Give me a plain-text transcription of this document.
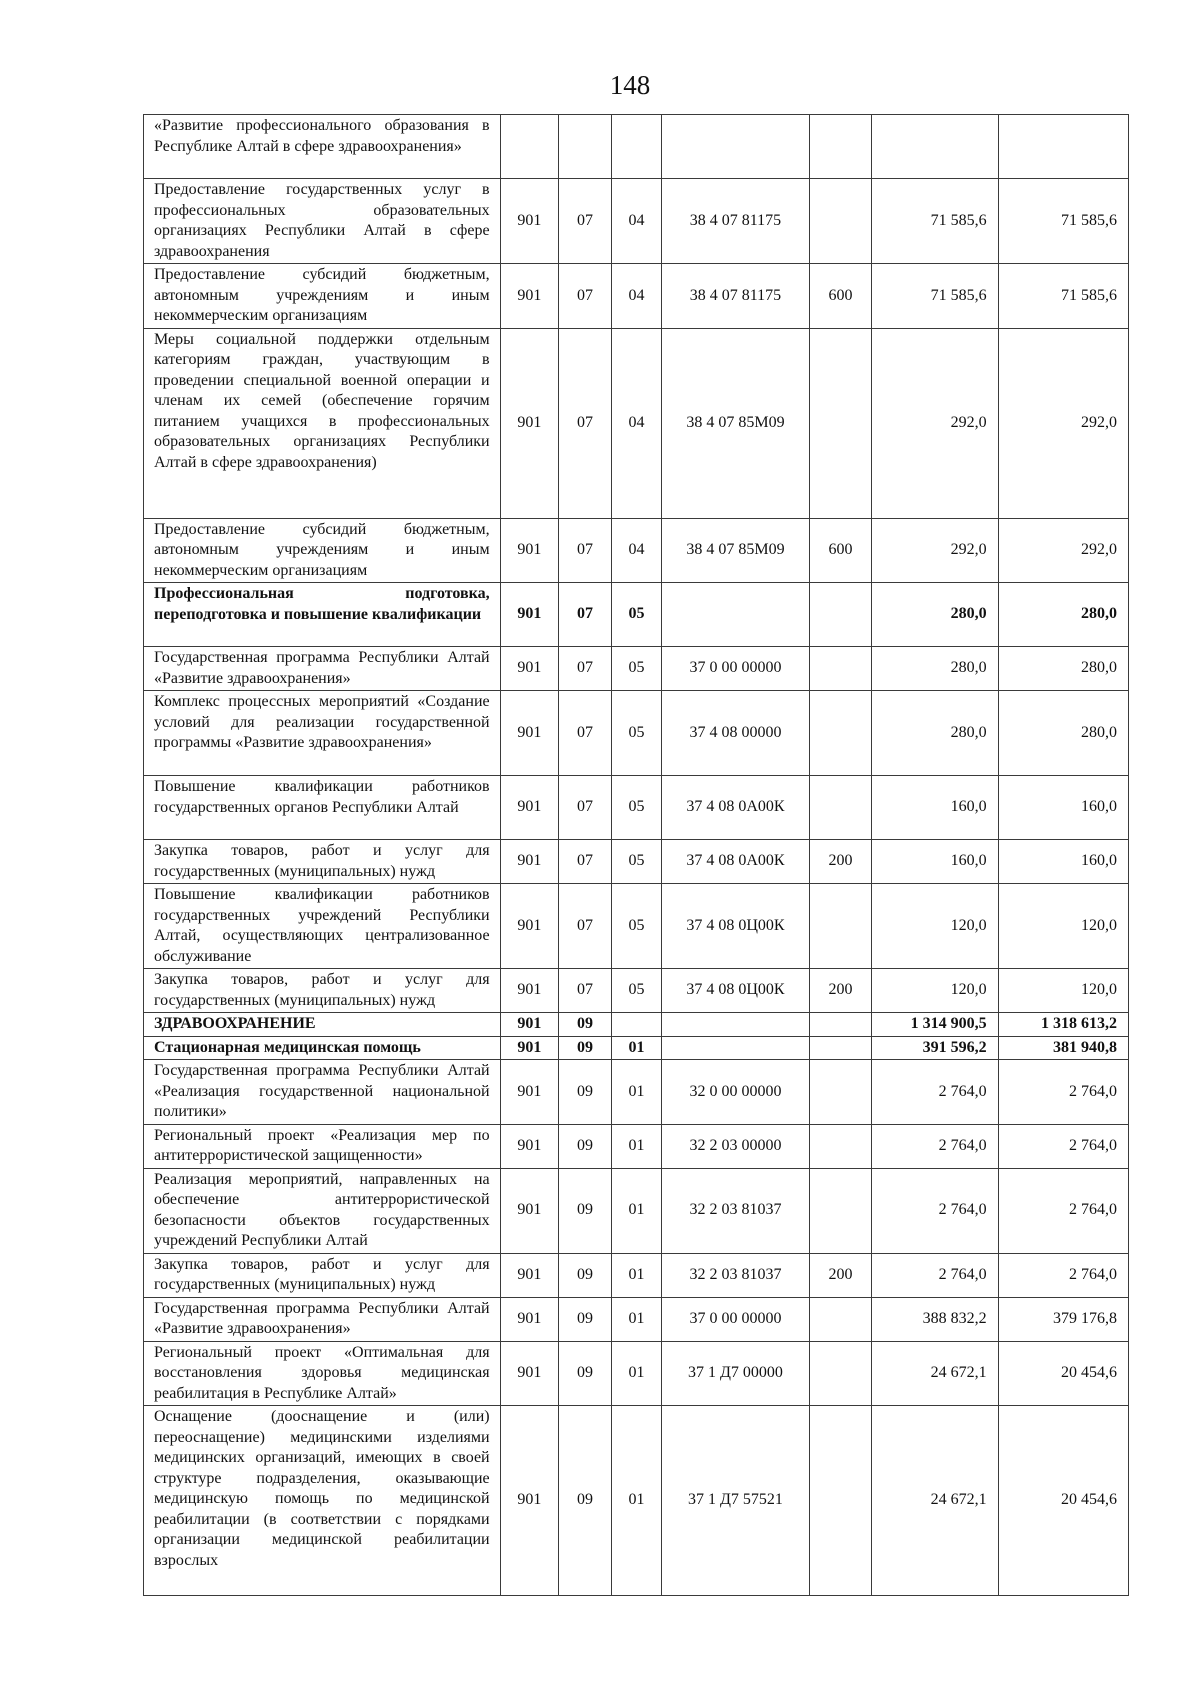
148
«Развитие профессионального образования в Республике Алтай в сфере здравоохранения»							
Предоставление государственных услуг в профессиональных образовательных организациях Республики Алтай в сфере здравоохранения	901	07	04	38 4 07 81175		71 585,6	71 585,6
Предоставление субсидий бюджетным, автономным учреждениям и иным некоммерческим организациям	901	07	04	38 4 07 81175	600	71 585,6	71 585,6
Меры социальной поддержки отдельным категориям граждан, участвующим в проведении специальной военной операции и членам их семей (обеспечение горячим питанием учащихся в профессиональных образовательных организациях Республики Алтай в сфере здравоохранения)	901	07	04	38 4 07 85М09		292,0	292,0
Предоставление субсидий бюджетным, автономным учреждениям и иным некоммерческим организациям	901	07	04	38 4 07 85М09	600	292,0	292,0
Профессиональная подготовка, переподготовка и повышение квалификации	901	07	05			280,0	280,0
Государственная программа Республики Алтай «Развитие здравоохранения»	901	07	05	37 0 00 00000		280,0	280,0
Комплекс процессных мероприятий «Создание условий для реализации государственной программы «Развитие здравоохранения»	901	07	05	37 4 08 00000		280,0	280,0
Повышение квалификации работников государственных органов Республики Алтай	901	07	05	37 4 08 0А00К		160,0	160,0
Закупка товаров, работ и услуг для государственных (муниципальных) нужд	901	07	05	37 4 08 0А00К	200	160,0	160,0
Повышение квалификации работников государственных учреждений Республики Алтай, осуществляющих централизованное обслуживание	901	07	05	37 4 08 0Ц00К		120,0	120,0
Закупка товаров, работ и услуг для государственных (муниципальных) нужд	901	07	05	37 4 08 0Ц00К	200	120,0	120,0
ЗДРАВООХРАНЕНИЕ	901	09				1 314 900,5	1 318 613,2
Стационарная медицинская помощь	901	09	01			391 596,2	381 940,8
Государственная программа Республики Алтай «Реализация государственной национальной политики»	901	09	01	32 0 00 00000		2 764,0	2 764,0
Региональный проект «Реализация мер по антитеррористической защищенности»	901	09	01	32 2 03 00000		2 764,0	2 764,0
Реализация мероприятий, направленных на обеспечение антитеррористической безопасности объектов государственных учреждений Республики Алтай	901	09	01	32 2 03 81037		2 764,0	2 764,0
Закупка товаров, работ и услуг для государственных (муниципальных) нужд	901	09	01	32 2 03 81037	200	2 764,0	2 764,0
Государственная программа Республики Алтай «Развитие здравоохранения»	901	09	01	37 0 00 00000		388 832,2	379 176,8
Региональный проект «Оптимальная для восстановления здоровья медицинская реабилитация в Республике Алтай»	901	09	01	37 1 Д7 00000		24 672,1	20 454,6
Оснащение (дооснащение и (или) переоснащение) медицинскими изделиями медицинских организаций, имеющих в своей структуре подразделения, оказывающие медицинскую помощь по медицинской реабилитации (в соответствии с порядками организации медицинской реабилитации взрослых	901	09	01	37 1 Д7 57521		24 672,1	20 454,6
